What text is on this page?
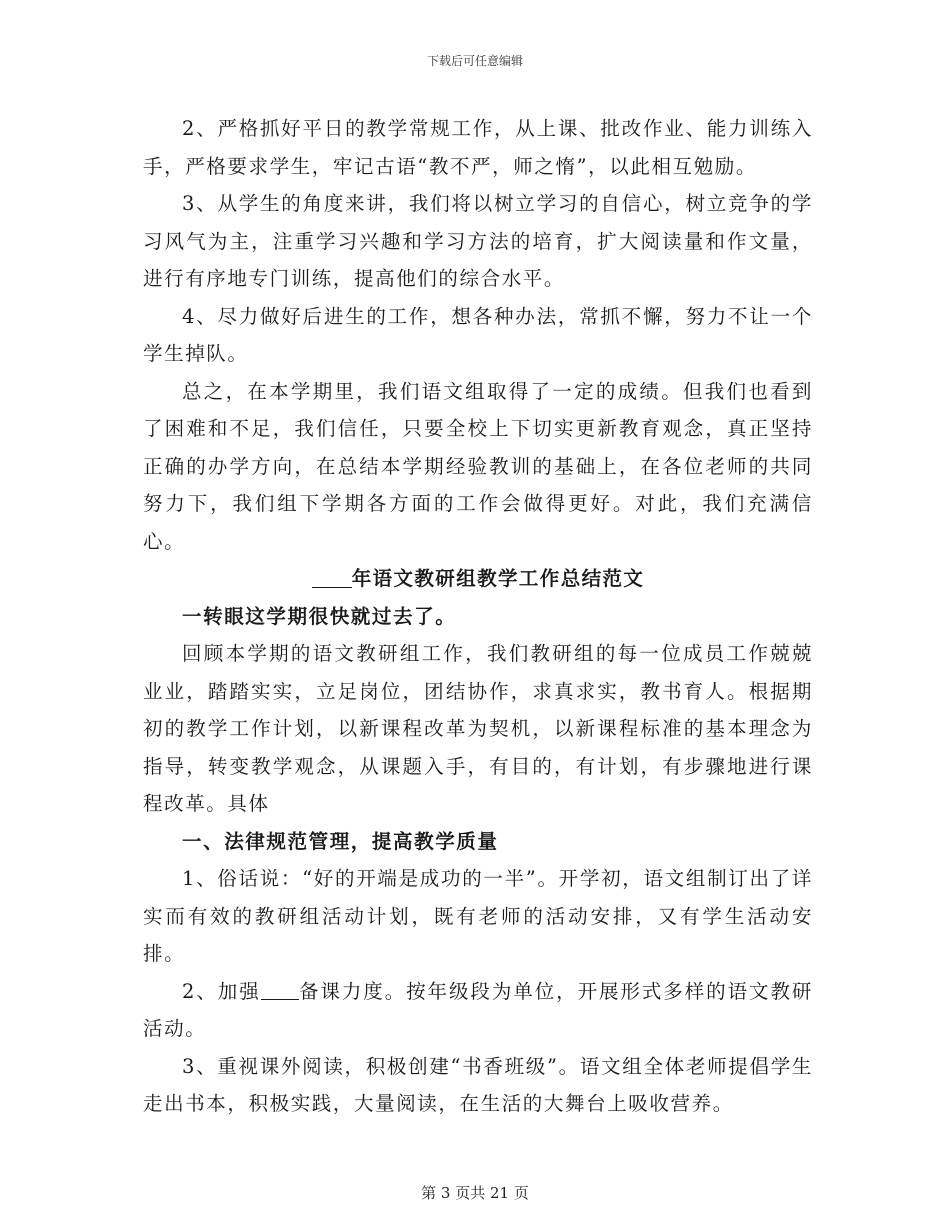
下载后可任意编辑

2、严格抓好平日的教学常规工作，从上课、批改作业、能力训练入手，严格要求学生，牢记古语“教不严，师之惰”，以此相互勉励。

3、从学生的角度来讲，我们将以树立学习的自信心，树立竞争的学习风气为主，注重学习兴趣和学习方法的培育，扩大阅读量和作文量，进行有序地专门训练，提高他们的综合水平。

4、尽力做好后进生的工作，想各种办法，常抓不懈，努力不让一个学生掉队。

总之，在本学期里，我们语文组取得了一定的成绩。但我们也看到了困难和不足，我们信任，只要全校上下切实更新教育观念，真正坚持正确的办学方向，在总结本学期经验教训的基础上，在各位老师的共同努力下，我们组下学期各方面的工作会做得更好。对此，我们充满信心。

年语文教研组教学工作总结范文

一转眼这学期很快就过去了。

回顾本学期的语文教研组工作，我们教研组的每一位成员工作兢兢业业，踏踏实实，立足岗位，团结协作，求真求实，教书育人。根据期初的教学工作计划，以新课程改革为契机，以新课程标准的基本理念为指导，转变教学观念，从课题入手，有目的，有计划，有步骤地进行课程改革。具体

一、法律规范管理，提高教学质量

1、俗话说：“好的开端是成功的一半”。开学初，语文组制订出了详实而有效的教研组活动计划，既有老师的活动安排，又有学生活动安排。

2、加强 备课力度。按年级段为单位，开展形式多样的语文教研活动。

3、重视课外阅读，积极创建“书香班级”。语文组全体老师提倡学生走出书本，积极实践，大量阅读，在生活的大舞台上吸收营养。

第 3 页共 21 页
